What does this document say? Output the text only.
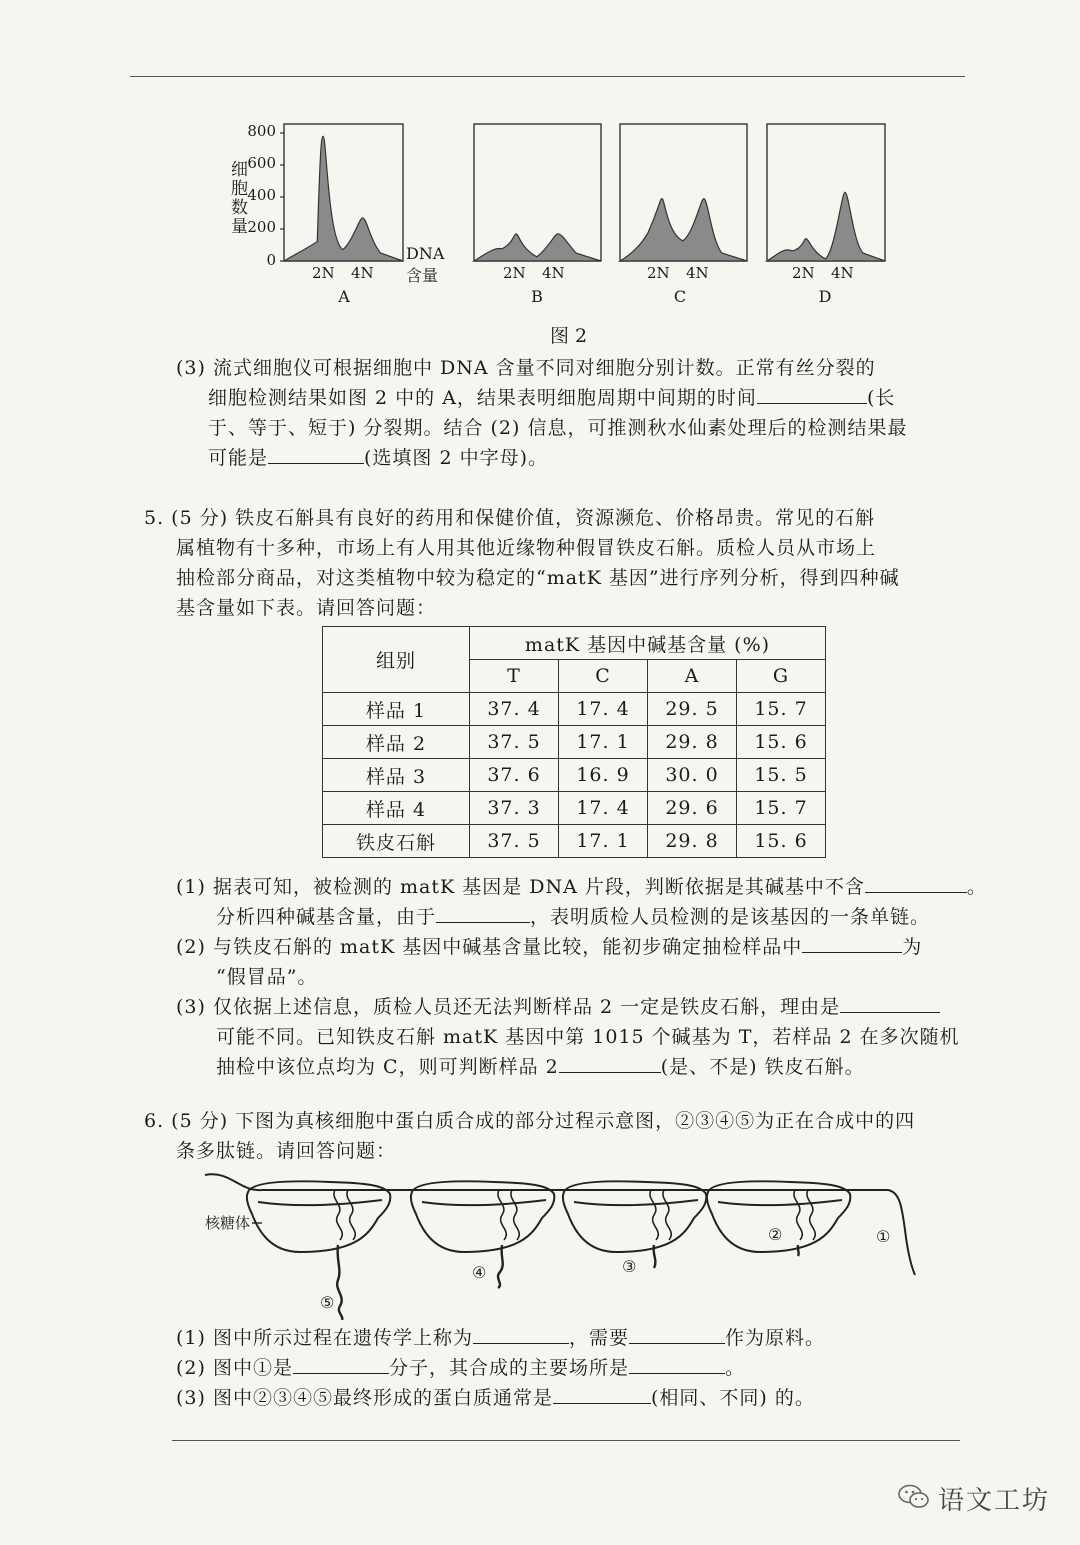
细胞数量
800
600
400
200
0	DNA
含量
2N 4N	2N 4N	2N 4N	2N 4N
A	B	C	D
图 2
(3) 流式细胞仪可根据细胞中 DNA 含量不同对细胞分别计数。正常有丝分裂的
细胞检测结果如图 2 中的 A，结果表明细胞周期中间期的时间	(长
于、等于、短于) 分裂期。结合 (2) 信息，可推测秋水仙素处理后的检测结果最
可能是	(选填图 2 中字母)。
5. (5 分) 铁皮石斛具有良好的药用和保健价值，资源濒危、价格昂贵。常见的石斛
属植物有十多种，市场上有人用其他近缘物种假冒铁皮石斛。质检人员从市场上
抽检部分商品，对这类植物中较为稳定的“matK 基因”进行序列分析，得到四种碱
基含量如下表。请回答问题：
组别	matK 基因中碱基含量 (%)			
	T	C	A	G
样品 1	37. 4	17. 4	29. 5	15. 7
样品 2	37. 5	17. 1	29. 8	15. 6
样品 3	37. 6	16. 9	30. 0	15. 5
样品 4	37. 3	17. 4	29. 6	15. 7
铁皮石斛	37. 5	17. 1	29. 8	15. 6
(1) 据表可知，被检测的 matK 基因是 DNA 片段，判断依据是其碱基中不含	。
分析四种碱基含量，由于	，表明质检人员检测的是该基因的一条单链。
(2) 与铁皮石斛的 matK 基因中碱基含量比较，能初步确定抽检样品中	为
“假冒品”。
(3) 仅依据上述信息，质检人员还无法判断样品 2 一定是铁皮石斛，理由是
可能不同。已知铁皮石斛 matK 基因中第 1015 个碱基为 T，若样品 2 在多次随机
抽检中该位点均为 C，则可判断样品 2	(是、不是) 铁皮石斛。
6. (5 分) 下图为真核细胞中蛋白质合成的部分过程示意图，②③④⑤为正在合成中的四
条多肽链。请回答问题：
核糖体
①
②
③
④
⑤
(1) 图中所示过程在遗传学上称为	，需要	作为原料。
(2) 图中①是	分子，其合成的主要场所是	。
(3) 图中②③④⑤最终形成的蛋白质通常是	(相同、不同) 的。
语文工坊
